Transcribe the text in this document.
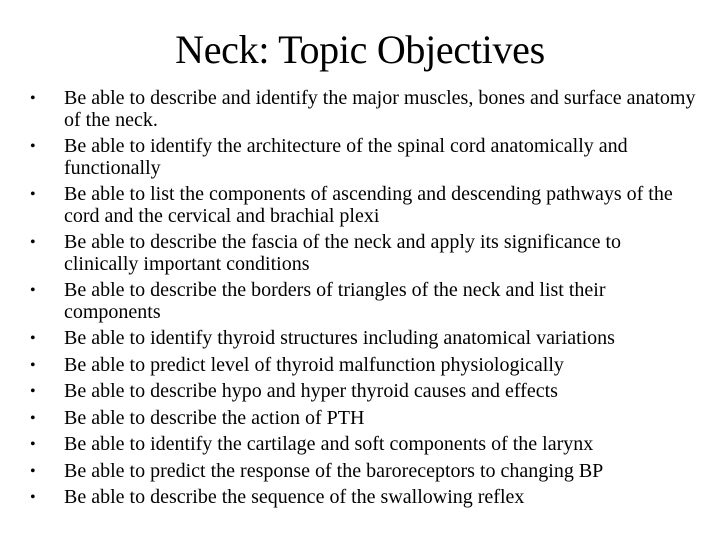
Neck: Topic Objectives
• Be able to describe and identify the major muscles, bones and surface anatomy of the neck.
• Be able to identify the architecture of the spinal cord anatomically and functionally
• Be able to list the components of ascending and descending pathways of the cord and the cervical and brachial plexi
• Be able to describe the fascia of the neck and apply its significance to clinically important conditions
• Be able to describe the borders of triangles of the neck and list their components
• Be able to identify thyroid structures including anatomical variations
• Be able to predict level of thyroid malfunction physiologically
• Be able to describe hypo and hyper thyroid causes and effects
• Be able to describe the action of PTH
• Be able to identify the cartilage and soft components of the larynx
• Be able to predict the response of the baroreceptors to changing BP
• Be able to describe the sequence of the swallowing reflex
